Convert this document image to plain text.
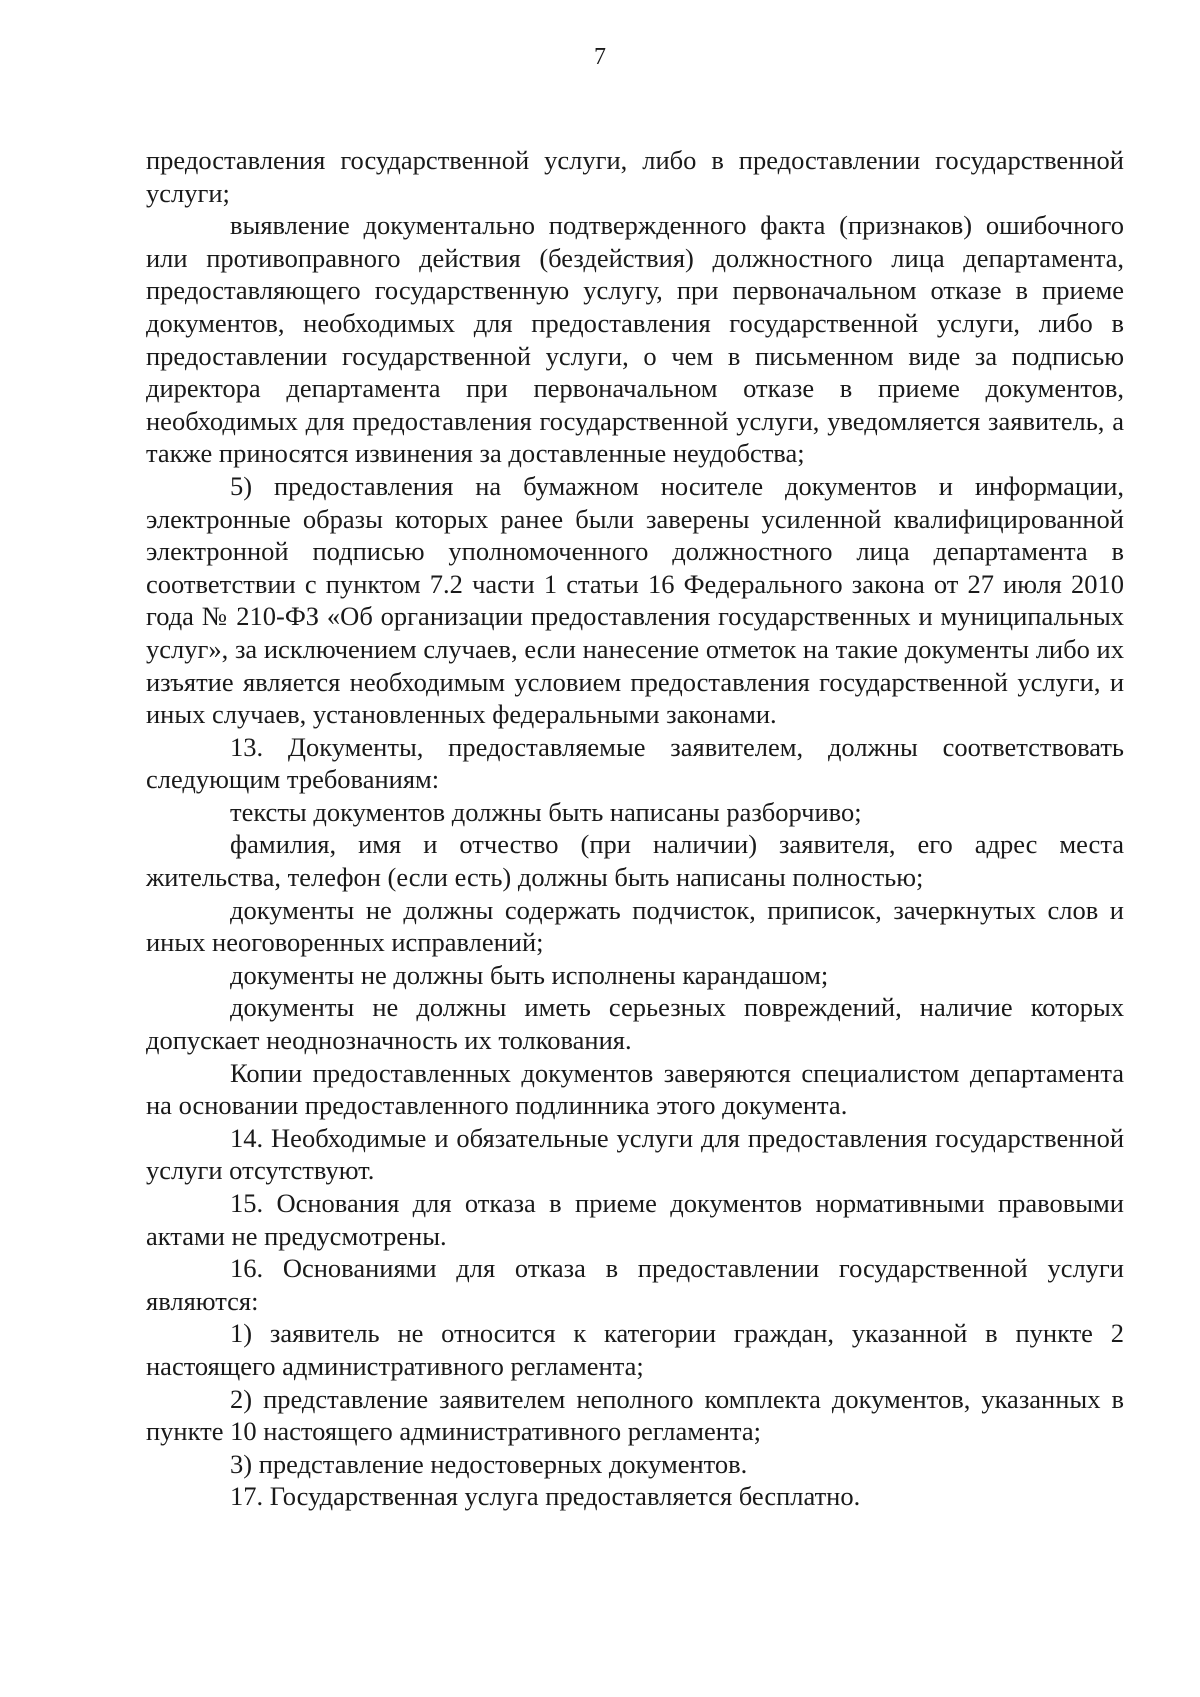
7

предоставления государственной услуги, либо в предоставлении государственной услуги;

выявление документально подтвержденного факта (признаков) ошибочного или противоправного действия (бездействия) должностного лица департамента, предоставляющего государственную услугу, при первоначальном отказе в приеме документов, необходимых для предоставления государственной услуги, либо в предоставлении государственной услуги, о чем в письменном виде за подписью директора департамента при первоначальном отказе в приеме документов, необходимых для предоставления государственной услуги, уведомляется заявитель, а также приносятся извинения за доставленные неудобства;

5) предоставления на бумажном носителе документов и информации, электронные образы которых ранее были заверены усиленной квалифицированной электронной подписью уполномоченного должностного лица департамента в соответствии с пунктом 7.2 части 1 статьи 16 Федерального закона от 27 июля 2010 года № 210-ФЗ «Об организации предоставления государственных и муниципальных услуг», за исключением случаев, если нанесение отметок на такие документы либо их изъятие является необходимым условием предоставления государственной услуги, и иных случаев, установленных федеральными законами.

13. Документы, предоставляемые заявителем, должны соответствовать следующим требованиям:

тексты документов должны быть написаны разборчиво;

фамилия, имя и отчество (при наличии) заявителя, его адрес места жительства, телефон (если есть) должны быть написаны полностью;

документы не должны содержать подчисток, приписок, зачеркнутых слов и иных неоговоренных исправлений;

документы не должны быть исполнены карандашом;

документы не должны иметь серьезных повреждений, наличие которых допускает неоднозначность их толкования.

Копии предоставленных документов заверяются специалистом департамента на основании предоставленного подлинника этого документа.

14. Необходимые и обязательные услуги для предоставления государственной услуги отсутствуют.

15. Основания для отказа в приеме документов нормативными правовыми актами не предусмотрены.

16. Основаниями для отказа в предоставлении государственной услуги являются:

1) заявитель не относится к категории граждан, указанной в пункте 2 настоящего административного регламента;

2) представление заявителем неполного комплекта документов, указанных в пункте 10 настоящего административного регламента;

3) представление недостоверных документов.

17. Государственная услуга предоставляется бесплатно.
